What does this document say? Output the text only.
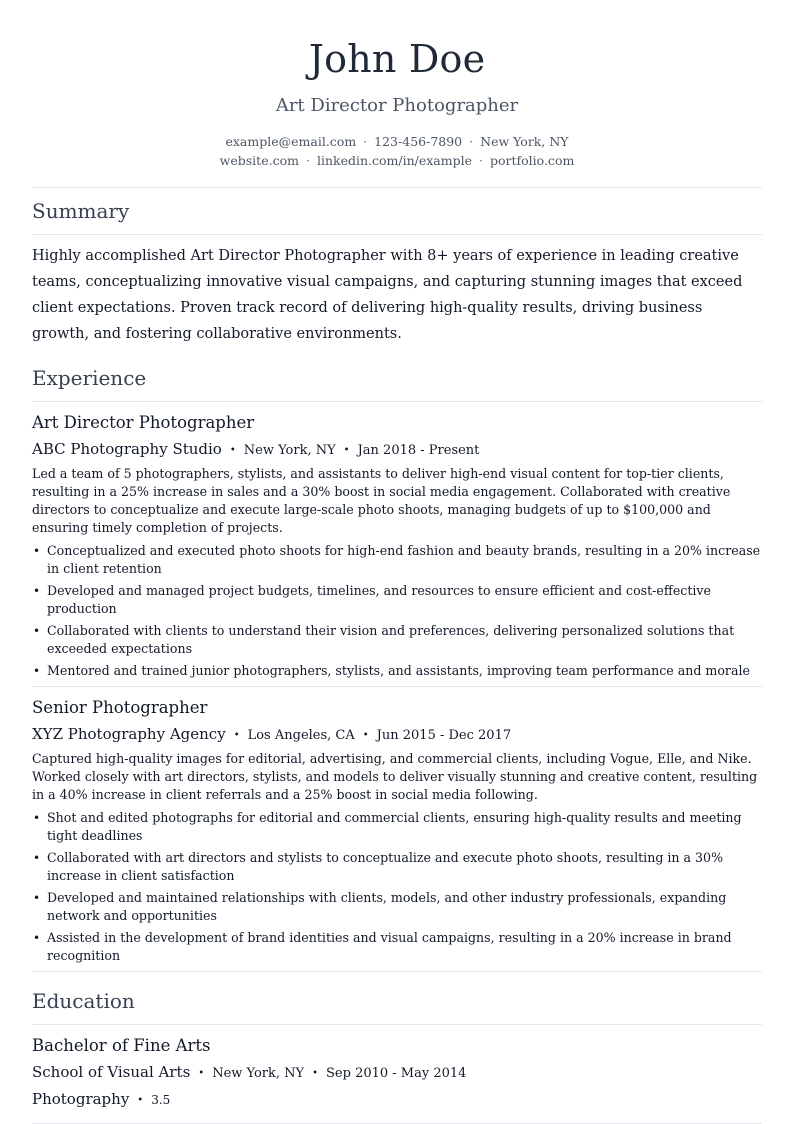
John Doe
Art Director Photographer
example@email.com · 123-456-7890 · New York, NY
website.com · linkedin.com/in/example · portfolio.com
Summary
Highly accomplished Art Director Photographer with 8+ years of experience in leading creative teams, conceptualizing innovative visual campaigns, and capturing stunning images that exceed client expectations. Proven track record of delivering high-quality results, driving business growth, and fostering collaborative environments.
Experience
Art Director Photographer
ABC Photography Studio • New York, NY • Jan 2018 - Present
Led a team of 5 photographers, stylists, and assistants to deliver high-end visual content for top-tier clients, resulting in a 25% increase in sales and a 30% boost in social media engagement. Collaborated with creative directors to conceptualize and execute large-scale photo shoots, managing budgets of up to $100,000 and ensuring timely completion of projects.
• Conceptualized and executed photo shoots for high-end fashion and beauty brands, resulting in a 20% increase in client retention
• Developed and managed project budgets, timelines, and resources to ensure efficient and cost-effective production
• Collaborated with clients to understand their vision and preferences, delivering personalized solutions that exceeded expectations
• Mentored and trained junior photographers, stylists, and assistants, improving team performance and morale
Senior Photographer
XYZ Photography Agency • Los Angeles, CA • Jun 2015 - Dec 2017
Captured high-quality images for editorial, advertising, and commercial clients, including Vogue, Elle, and Nike. Worked closely with art directors, stylists, and models to deliver visually stunning and creative content, resulting in a 40% increase in client referrals and a 25% boost in social media following.
• Shot and edited photographs for editorial and commercial clients, ensuring high-quality results and meeting tight deadlines
• Collaborated with art directors and stylists to conceptualize and execute photo shoots, resulting in a 30% increase in client satisfaction
• Developed and maintained relationships with clients, models, and other industry professionals, expanding network and opportunities
• Assisted in the development of brand identities and visual campaigns, resulting in a 20% increase in brand recognition
Education
Bachelor of Fine Arts
School of Visual Arts • New York, NY • Sep 2010 - May 2014
Photography • 3.5
